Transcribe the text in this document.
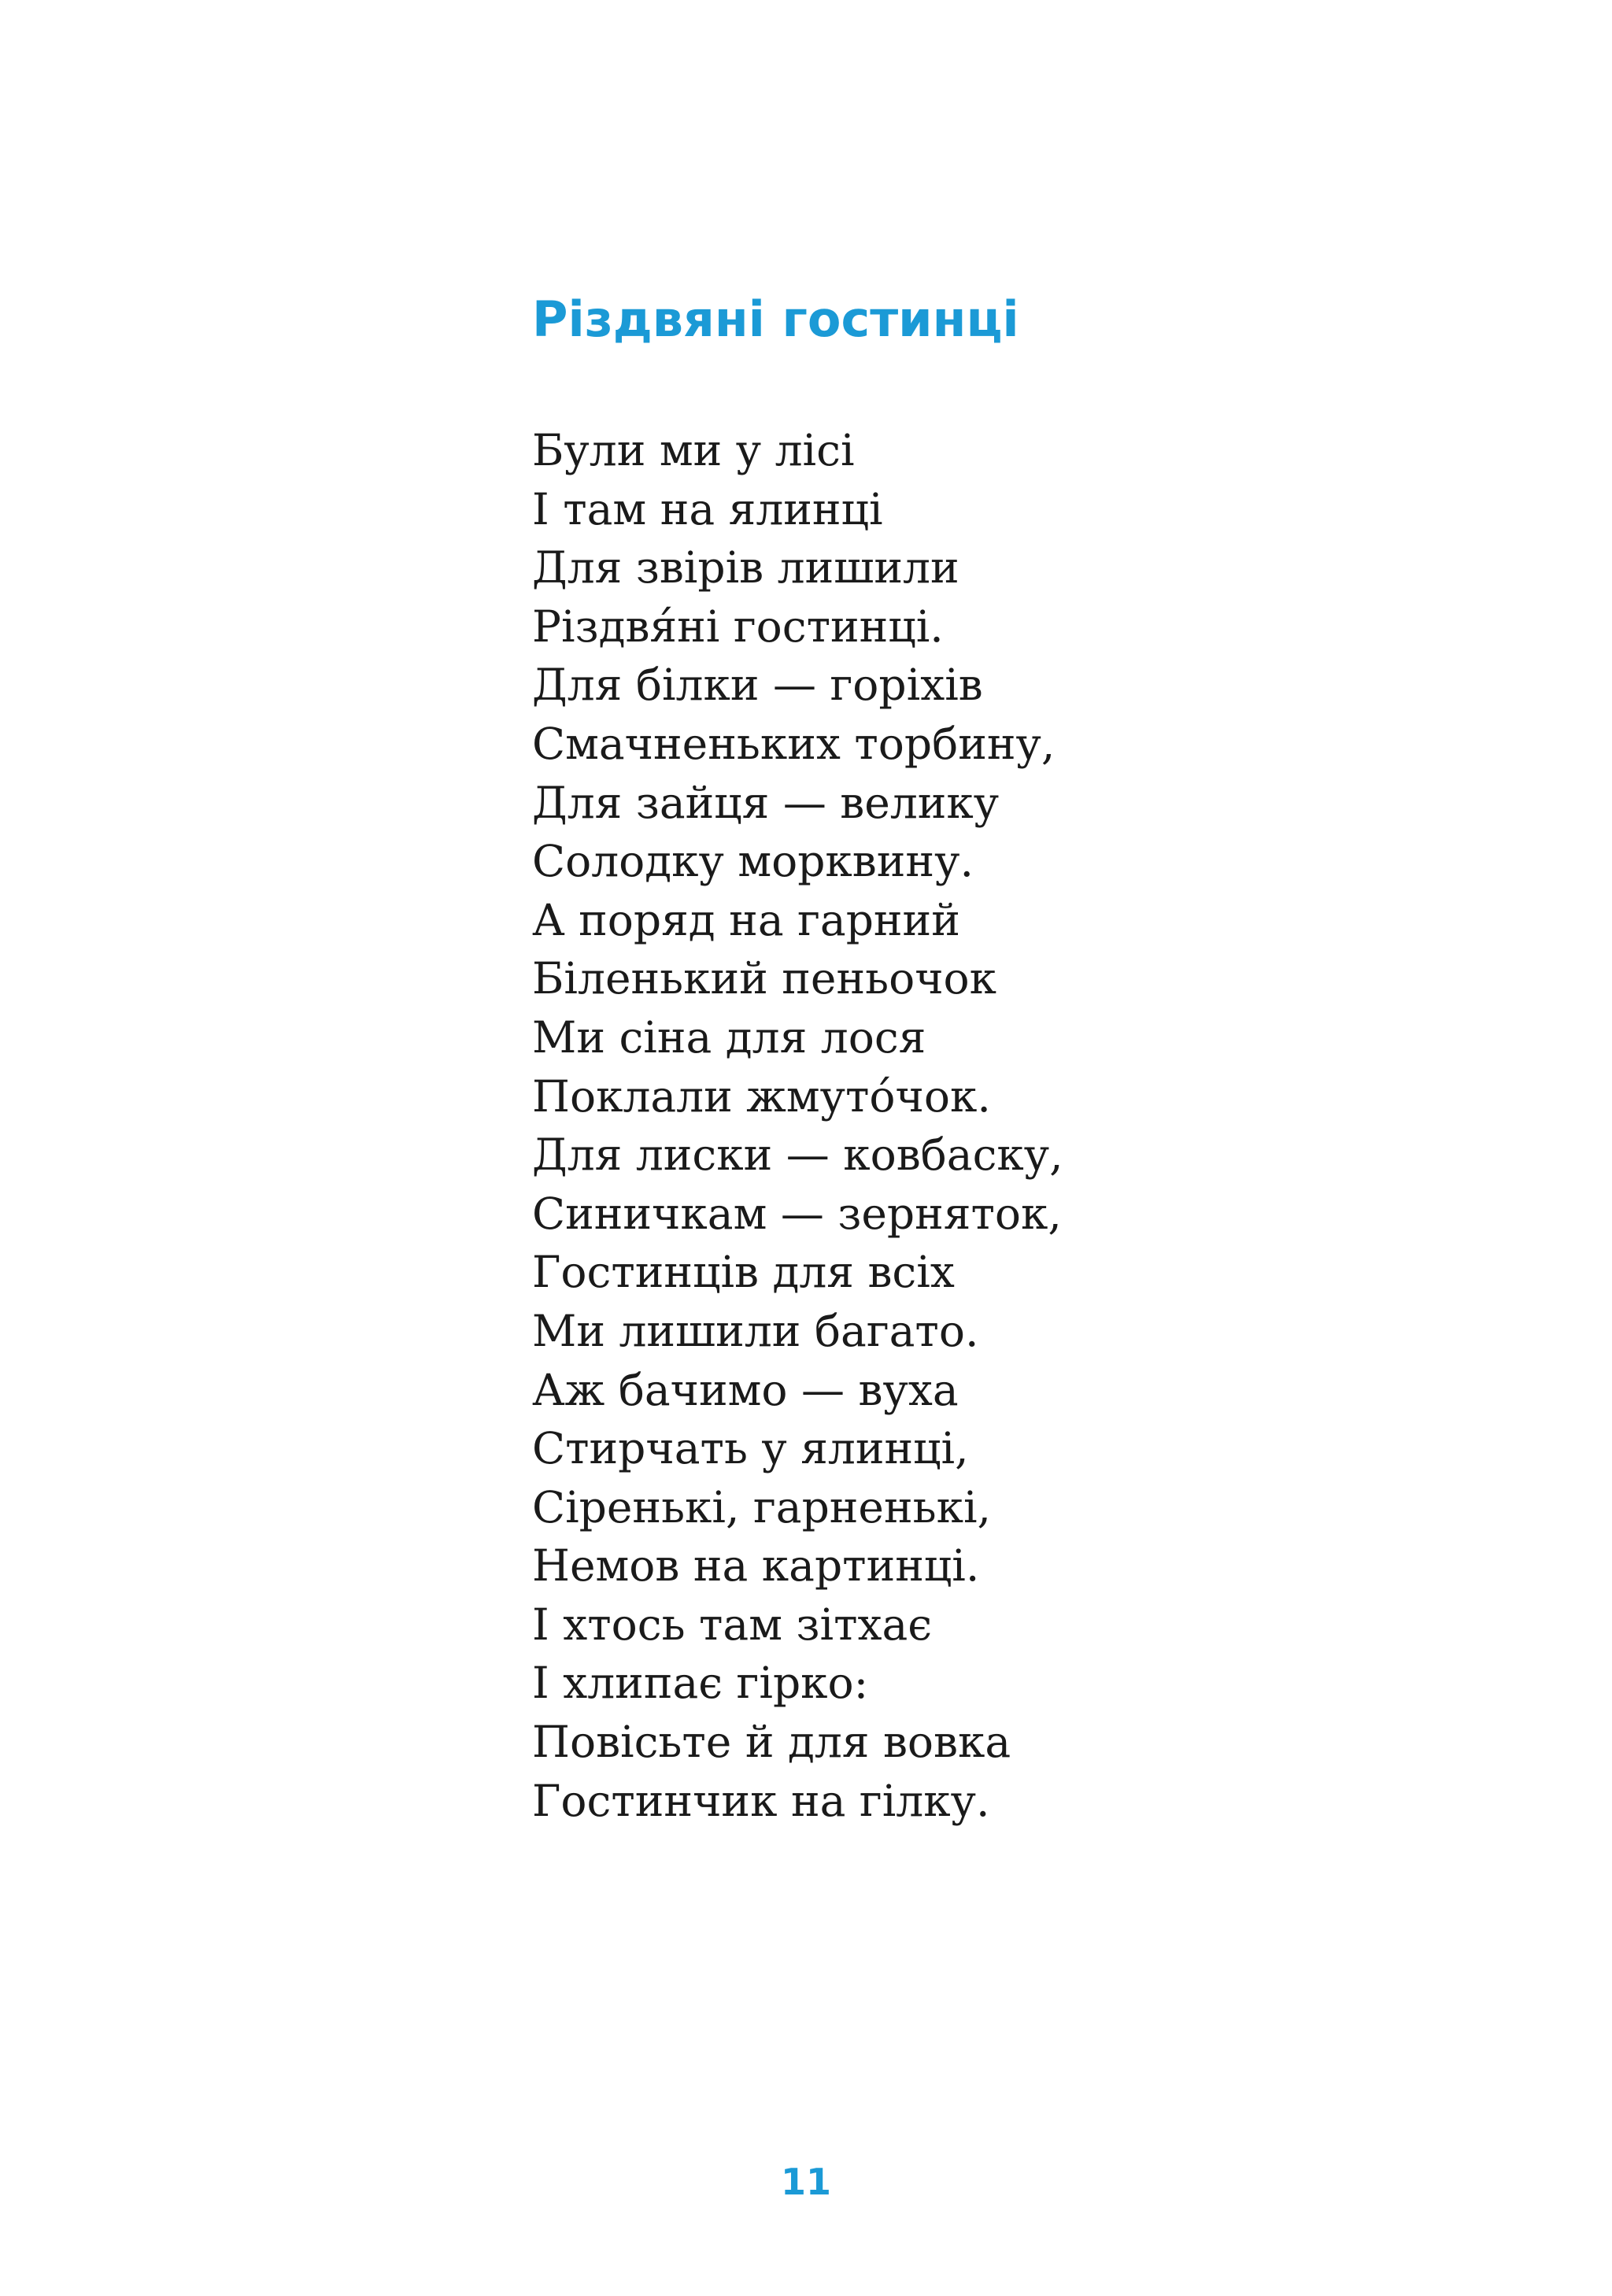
Різдвяні гостинці
Були ми у лісі
І там на ялинці
Для звірів лишили
Різдвя́ні гостинці.
Для білки — горіхів
Смачненьких торбину,
Для зайця — велику
Солодку морквину.
А поряд на гарний
Біленький пеньочок
Ми сіна для лося
Поклали жмуто́чок.
Для лиски — ковбаску,
Синичкам — зерняток,
Гостинців для всіх
Ми лишили багато.
Аж бачимо — вуха
Стирчать у ялинці,
Сіренькі, гарненькі,
Немов на картинці.
І хтось там зітхає
І хлипає гірко:
Повісьте й для вовка
Гостинчик на гілку.
11
